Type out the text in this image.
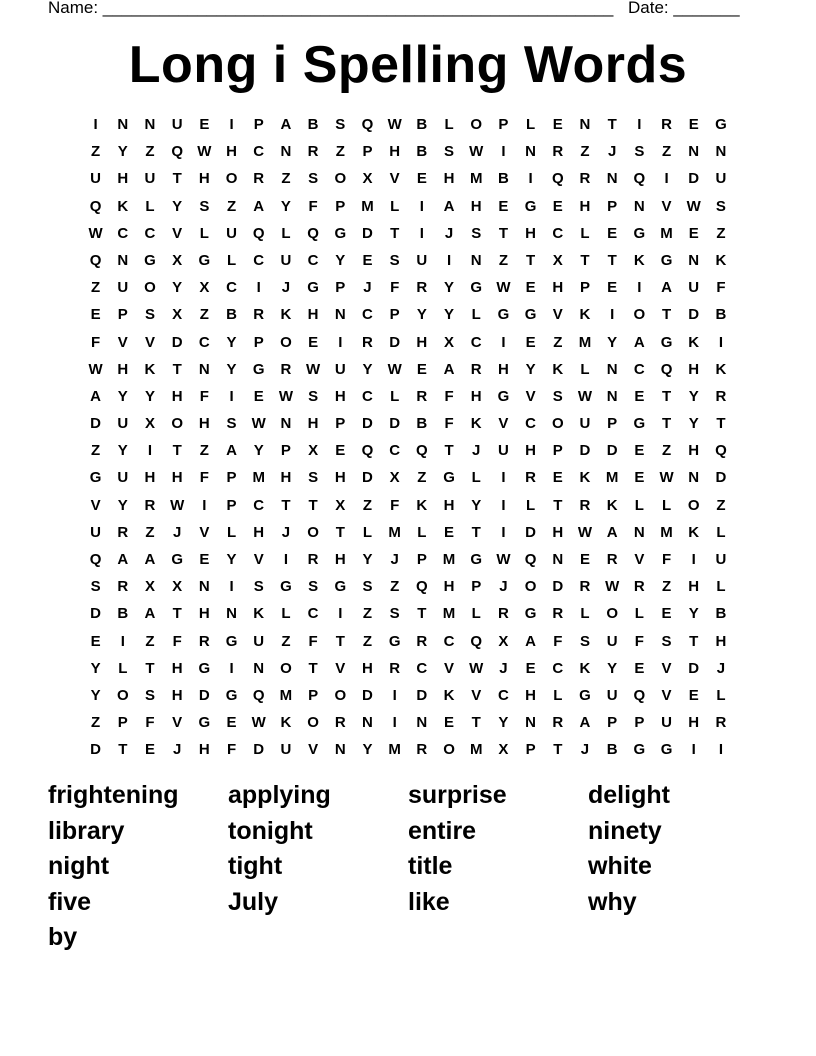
Name: ______________________________________________________ Date: _______
Long i Spelling Words
I	N	N	U	E	I	P	A	B	S	Q W B	L	O	P	L	E	N	T	I	R	E	G
Z	Y	Z	Q W H	C	N	R	Z	P	H	B	S	W	I	N	R	Z	J	S	Z	N	N
U	H	U	T	H	O	R	Z	S	O	X	V	E	H	M	B	I	Q	R	N	Q	I	D	U
Q	K	L	Y	S	Z	A	Y	F	P	M	L	I	A	H	E	G	E	H	P	N	V	W	S
W C	C	V	L	U	Q	L	Q	G	D	T	I	J	S	T	H	C	L	E	G	M	E	Z
Q	N	G	X	G	L	C	U	C	Y	E	S	U	I	N	Z	T	X	T	T	K	G	N	K
Z	U	O	Y	X	C	I	J	G	P	J	F	R	Y	G W	E	H	P	E	I	A	U	F
E	P	S	X	Z	B	R	K	H	N	C	P	Y	Y	L	G	G	V	K	I	O	T	D	B
F	V	V	D	C	Y	P	O	E	I	R	D	H	X	C	I	E	Z	M	Y	A	G	K	I
W H	K	T	N	Y	G	R W U	Y	W	E	A	R	H	Y	K	L	N	C	Q	H	K
A	Y	Y	H	F	I	E	W	S	H	C	L	R	F	H	G	V	S	W N	E	T	Y	R
D	U	X	O	H	S	W N	H	P	D	D	B	F	K	V	C	O	U	P	G	T	Y	T
Z	Y	I	T	Z	A	Y	P	X	E	Q	C	Q	T	J	U	H	P	D	D	E	Z	H	Q
G	U	H	H	F	P	M	H	S	H	D	X	Z	G	L	I	R	E	K	M	E	W N	D
V	Y	R W	I	P	C	T	T	X	Z	F	K	H	Y	I	L	T	R	K	L	L	O	Z
U	R	Z	J	V	L	H	J	O	T	L	M	L	E	T	I	D	H W A	N	M	K	L
Q	A	A	G	E	Y	V	I	R	H	Y	J	P	M	G W Q	N	E	R	V	F	I	U
S	R	X	X	N	I	S	G	S	G	S	Z	Q	H	P	J	O	D	R W R	Z	H	L
D	B	A	T	H	N	K	L	C	I	Z	S	T	M	L	R	G	R	L	O	L	E	Y	B
E	I	Z	F	R	G	U	Z	F	T	Z	G	R	C	Q	X	A	F	S	U	F	S	T	H
Y	L	T	H	G	I	N	O	T	V	H	R	C	V	W	J	E	C	K	Y	E	V	D	J
Y	O	S	H	D	G	Q	M	P	O	D	I	D	K	V	C	H	L	G	U	Q	V	E	L
Z	P	F	V	G	E	W K	O	R	N	I	N	E	T	Y	N	R	A	P	P	U	H	R
D	T	E	J	H	F	D	U	V	N	Y	M	R	O	M	X	P	T	J	B	G	G	I	I
frightening	applying	surprise	delight
library	tonight	entire	ninety
night	tight	title	white
five	July	like	why
by
